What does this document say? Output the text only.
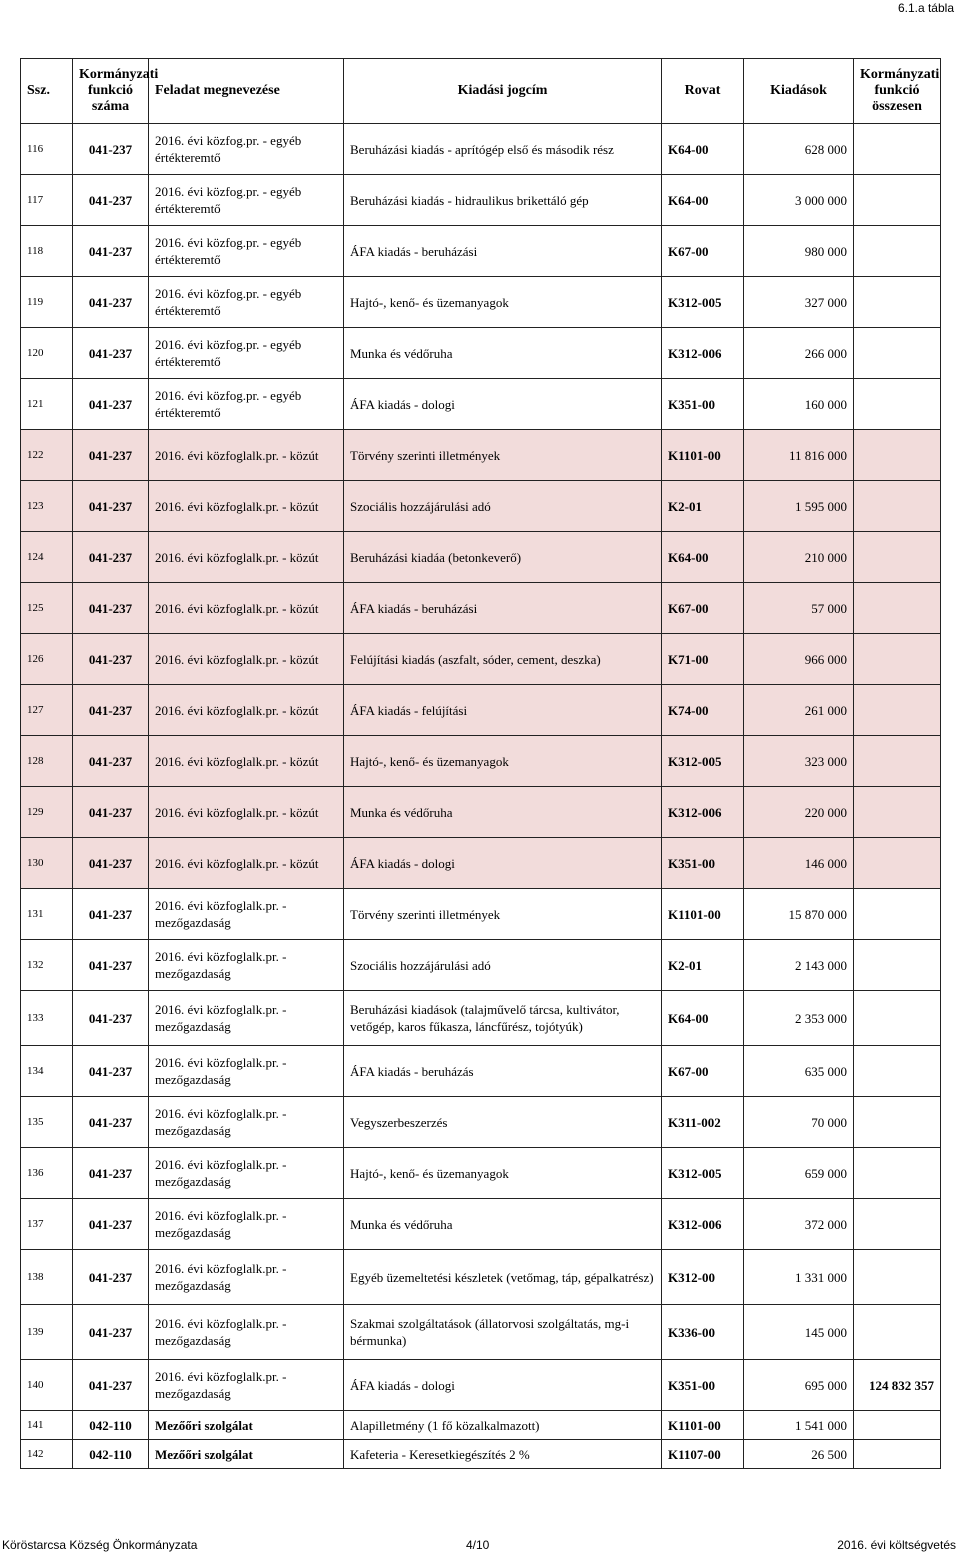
6.1.a tábla
Ssz.	Kormányzati funkció száma	Feladat megnevezése	Kiadási jogcím	Rovat	Kiadások	Kormányzati funkció összesen
116	041-237	2016. évi közfog.pr. - egyéb értékteremtő	Beruházási kiadás - aprítógép első és második rész	K64-00	628 000	
117	041-237	2016. évi közfog.pr. - egyéb értékteremtő	Beruházási kiadás - hidraulikus brikettáló gép	K64-00	3 000 000	
118	041-237	2016. évi közfog.pr. - egyéb értékteremtő	ÁFA kiadás - beruházási	K67-00	980 000	
119	041-237	2016. évi közfog.pr. - egyéb értékteremtő	Hajtó-, kenő- és üzemanyagok	K312-005	327 000	
120	041-237	2016. évi közfog.pr. - egyéb értékteremtő	Munka és védőruha	K312-006	266 000	
121	041-237	2016. évi közfog.pr. - egyéb értékteremtő	ÁFA kiadás - dologi	K351-00	160 000	
122	041-237	2016. évi közfoglalk.pr. - közút	Törvény szerinti illetmények	K1101-00	11 816 000	
123	041-237	2016. évi közfoglalk.pr. - közút	Szociális hozzájárulási adó	K2-01	1 595 000	
124	041-237	2016. évi közfoglalk.pr. - közút	Beruházási kiadáa (betonkeverő)	K64-00	210 000	
125	041-237	2016. évi közfoglalk.pr. - közút	ÁFA kiadás - beruházási	K67-00	57 000	
126	041-237	2016. évi közfoglalk.pr. - közút	Felújítási kiadás (aszfalt, sóder, cement, deszka)	K71-00	966 000	
127	041-237	2016. évi közfoglalk.pr. - közút	ÁFA kiadás - felújítási	K74-00	261 000	
128	041-237	2016. évi közfoglalk.pr. - közút	Hajtó-, kenő- és üzemanyagok	K312-005	323 000	
129	041-237	2016. évi közfoglalk.pr. - közút	Munka és védőruha	K312-006	220 000	
130	041-237	2016. évi közfoglalk.pr. - közút	ÁFA kiadás - dologi	K351-00	146 000	
131	041-237	2016. évi közfoglalk.pr. - mezőgazdaság	Törvény szerinti illetmények	K1101-00	15 870 000	
132	041-237	2016. évi közfoglalk.pr. - mezőgazdaság	Szociális hozzájárulási adó	K2-01	2 143 000	
133	041-237	2016. évi közfoglalk.pr. - mezőgazdaság	Beruházási kiadások (talajművelő tárcsa, kultivátor, vetőgép, karos fűkasza, láncfűrész, tojótyúk)	K64-00	2 353 000	
134	041-237	2016. évi közfoglalk.pr. - mezőgazdaság	ÁFA kiadás - beruházás	K67-00	635 000	
135	041-237	2016. évi közfoglalk.pr. - mezőgazdaság	Vegyszerbeszerzés	K311-002	70 000	
136	041-237	2016. évi közfoglalk.pr. - mezőgazdaság	Hajtó-, kenő- és üzemanyagok	K312-005	659 000	
137	041-237	2016. évi közfoglalk.pr. - mezőgazdaság	Munka és védőruha	K312-006	372 000	
138	041-237	2016. évi közfoglalk.pr. - mezőgazdaság	Egyéb üzemeltetési készletek (vetőmag, táp, gépalkatrész)	K312-00	1 331 000	
139	041-237	2016. évi közfoglalk.pr. - mezőgazdaság	Szakmai szolgáltatások (állatorvosi szolgáltatás, mg-i bérmunka)	K336-00	145 000	
140	041-237	2016. évi közfoglalk.pr. - mezőgazdaság	ÁFA kiadás - dologi	K351-00	695 000	124 832 357
141	042-110	Mezőőri szolgálat	Alapilletmény (1 fő közalkalmazott)	K1101-00	1 541 000	
142	042-110	Mezőőri szolgálat	Kafeteria - Keresetkiegészítés 2 %	K1107-00	26 500	
Köröstarcsa Község Önkormányzata	4/10	2016. évi költségvetés
